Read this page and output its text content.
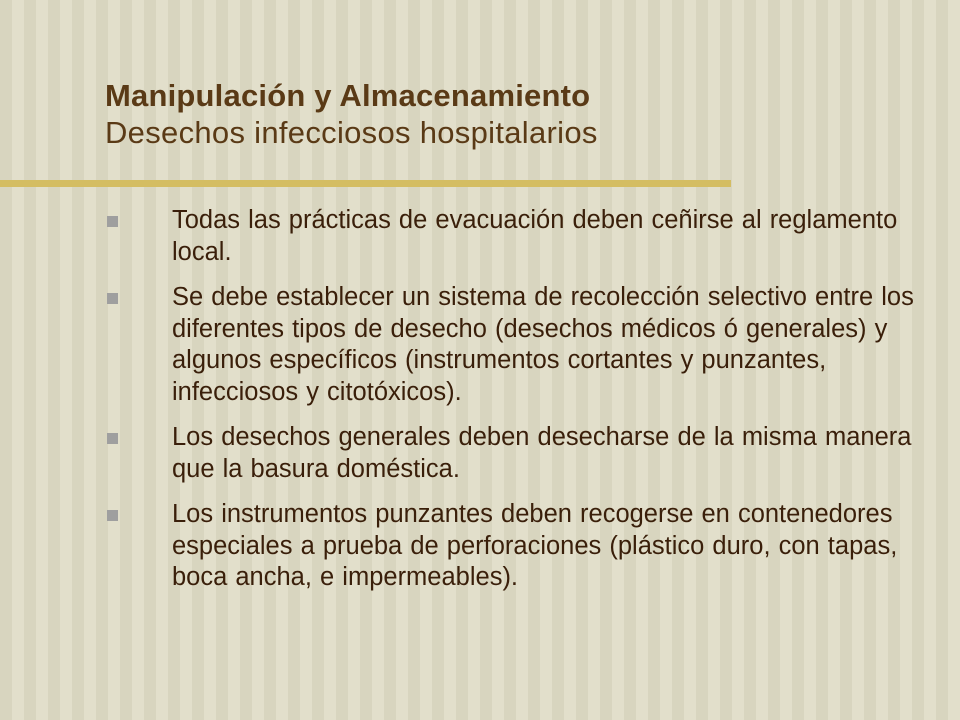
Manipulación y Almacenamiento
Desechos infecciosos hospitalarios
Todas las prácticas de evacuación deben ceñirse al reglamento local.
Se debe establecer un sistema de recolección selectivo entre los diferentes tipos de desecho (desechos médicos ó generales) y algunos específicos (instrumentos cortantes y punzantes, infecciosos y citotóxicos).
Los desechos generales deben desecharse de la misma manera que la basura doméstica.
Los instrumentos punzantes deben recogerse en contenedores especiales a prueba de perforaciones (plástico duro, con tapas, boca ancha, e impermeables).
